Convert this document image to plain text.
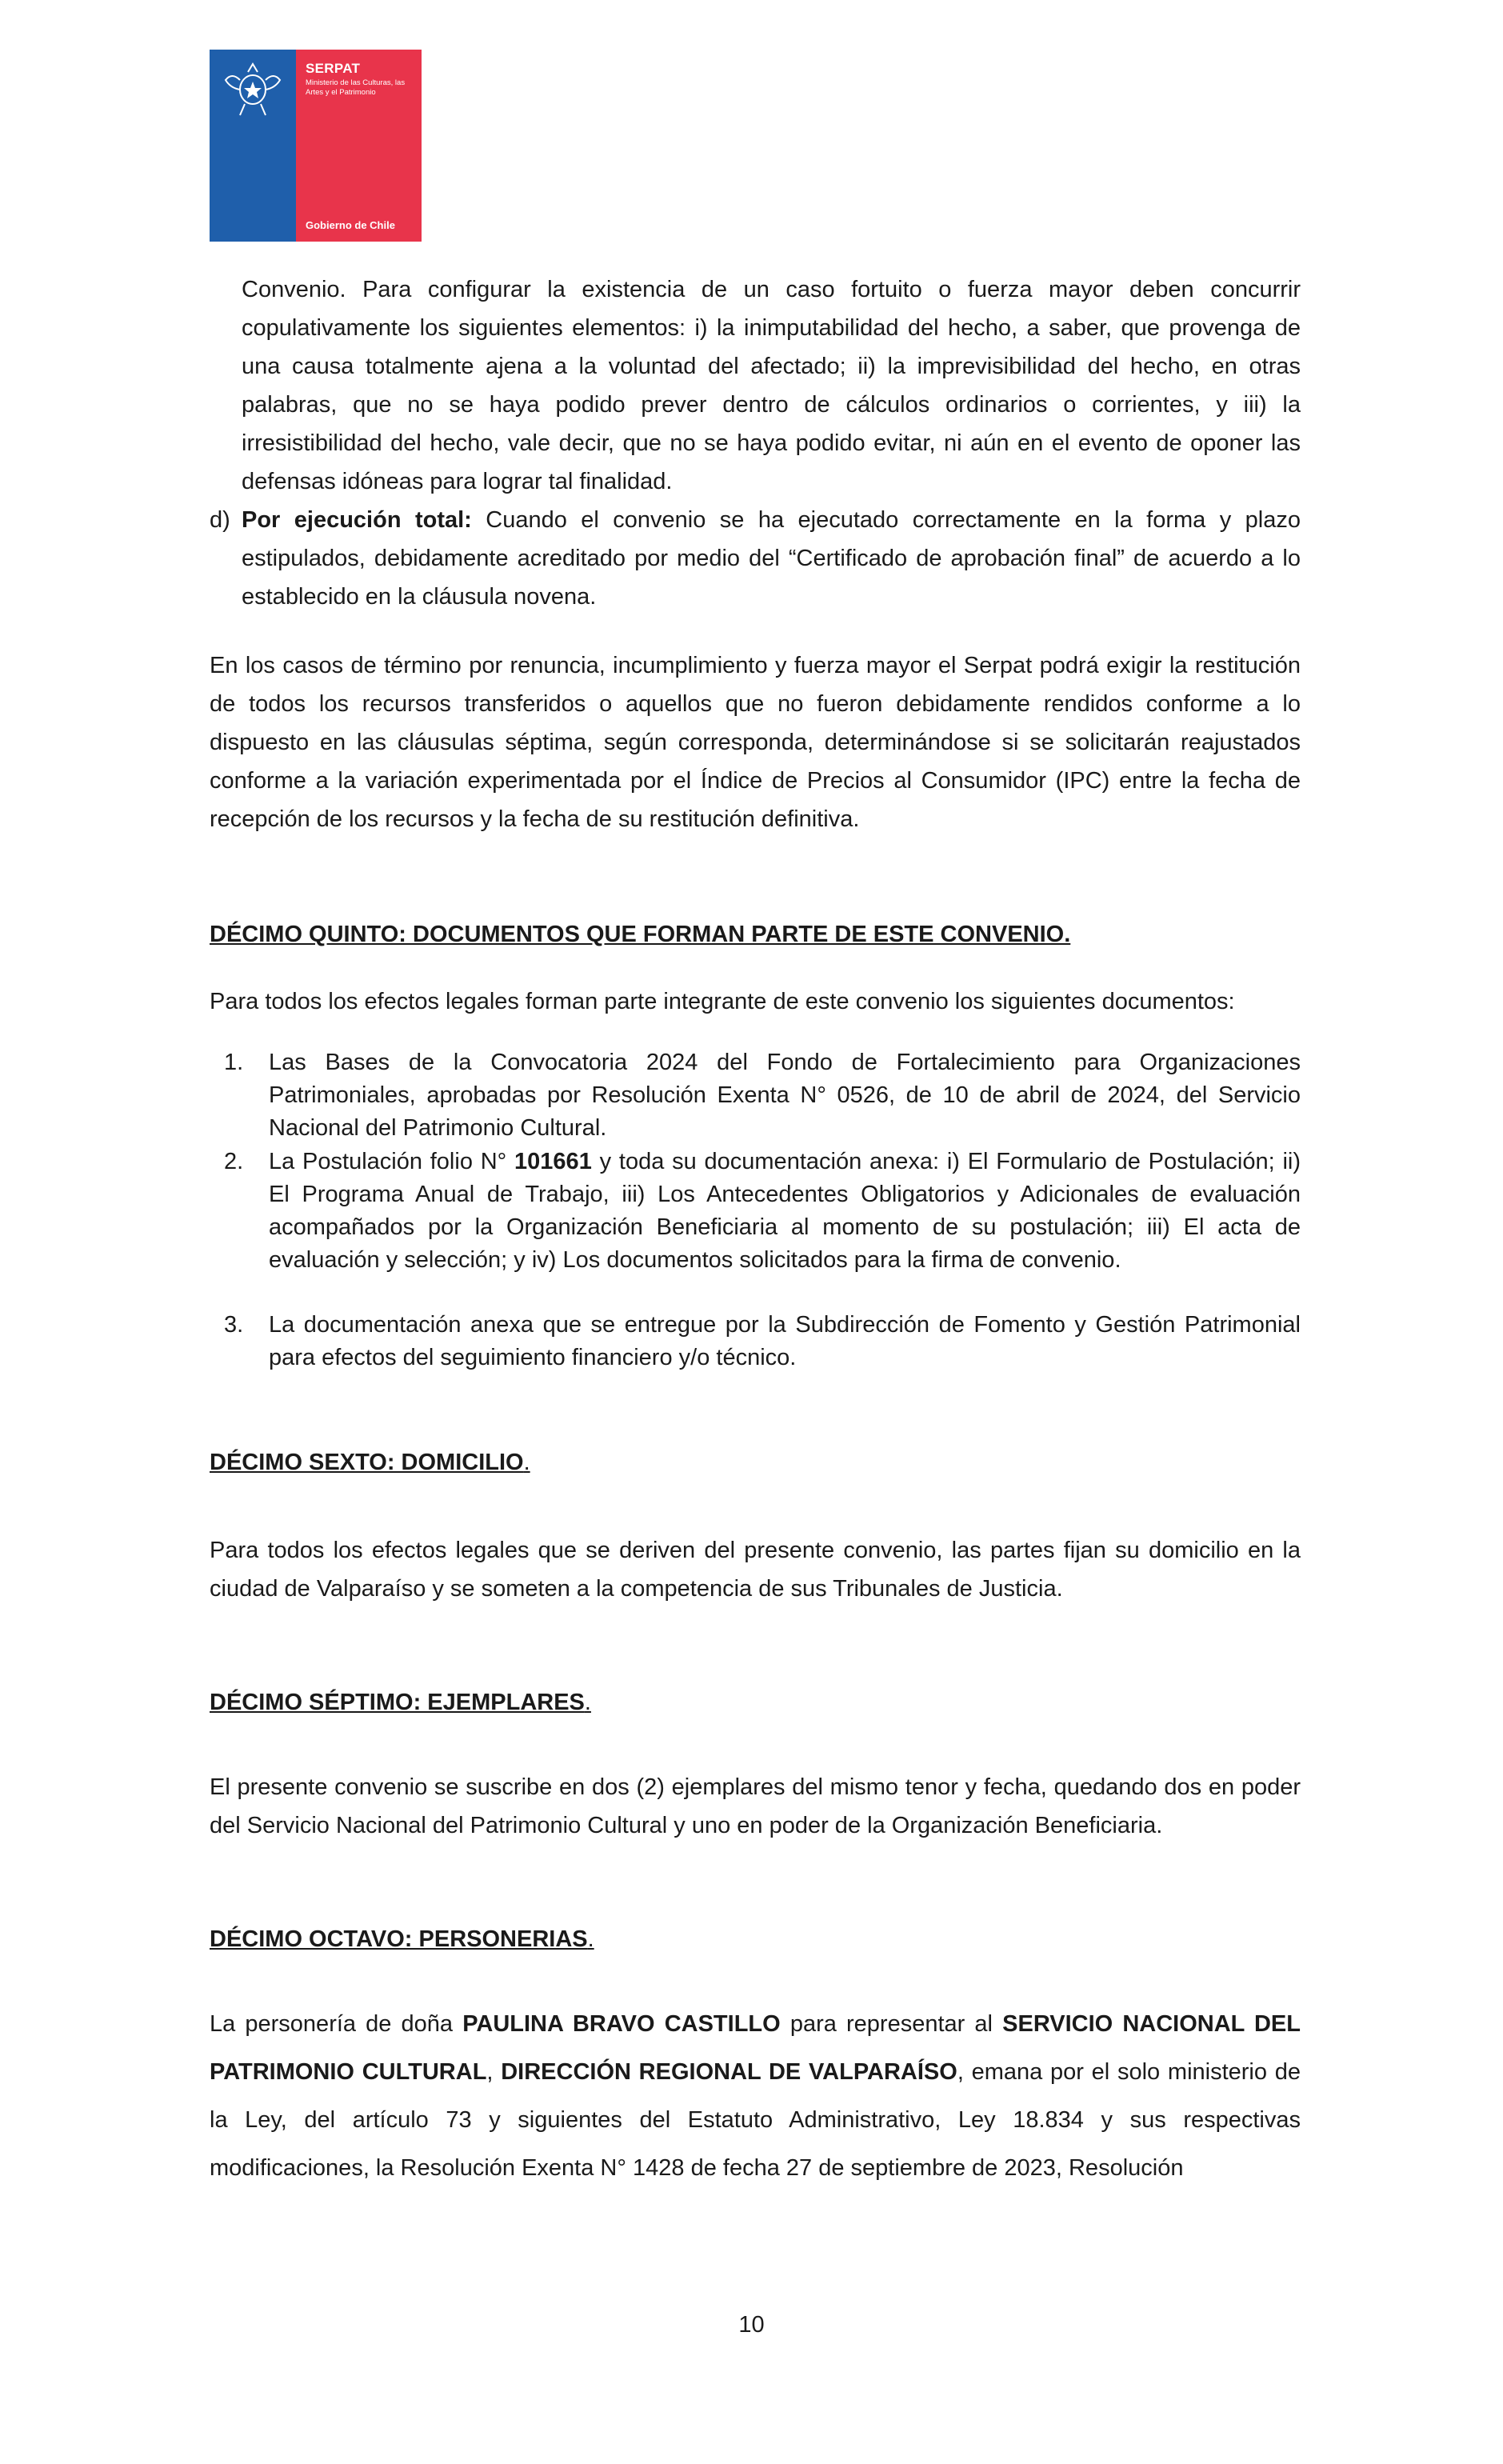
SERPAT
Ministerio de las Culturas, las Artes y el Patrimonio
Gobierno de Chile

Convenio. Para configurar la existencia de un caso fortuito o fuerza mayor deben concurrir copulativamente los siguientes elementos: i) la inimputabilidad del hecho, a saber, que provenga de una causa totalmente ajena a la voluntad del afectado; ii) la imprevisibilidad del hecho, en otras palabras, que no se haya podido prever dentro de cálculos ordinarios o corrientes, y iii) la irresistibilidad del hecho, vale decir, que no se haya podido evitar, ni aún en el evento de oponer las defensas idóneas para lograr tal finalidad.

d) Por ejecución total: Cuando el convenio se ha ejecutado correctamente en la forma y plazo estipulados, debidamente acreditado por medio del “Certificado de aprobación final” de acuerdo a lo establecido en la cláusula novena.

En los casos de término por renuncia, incumplimiento y fuerza mayor el Serpat podrá exigir la restitución de todos los recursos transferidos o aquellos que no fueron debidamente rendidos conforme a lo dispuesto en las cláusulas séptima, según corresponda, determinándose si se solicitarán reajustados conforme a la variación experimentada por el Índice de Precios al Consumidor (IPC) entre la fecha de recepción de los recursos y la fecha de su restitución definitiva.

DÉCIMO QUINTO: DOCUMENTOS QUE FORMAN PARTE DE ESTE CONVENIO.

Para todos los efectos legales forman parte integrante de este convenio los siguientes documentos:

1. Las Bases de la Convocatoria 2024 del Fondo de Fortalecimiento para Organizaciones Patrimoniales, aprobadas por Resolución Exenta N° 0526, de 10 de abril de 2024, del Servicio Nacional del Patrimonio Cultural.
2. La Postulación folio N° 101661 y toda su documentación anexa: i) El Formulario de Postulación; ii) El Programa Anual de Trabajo, iii) Los Antecedentes Obligatorios y Adicionales de evaluación acompañados por la Organización Beneficiaria al momento de su postulación; iii) El acta de evaluación y selección; y iv) Los documentos solicitados para la firma de convenio.
3. La documentación anexa que se entregue por la Subdirección de Fomento y Gestión Patrimonial para efectos del seguimiento financiero y/o técnico.
DÉCIMO SEXTO: DOMICILIO.

Para todos los efectos legales que se deriven del presente convenio, las partes fijan su domicilio en la ciudad de Valparaíso y se someten a la competencia de sus Tribunales de Justicia.

DÉCIMO SÉPTIMO: EJEMPLARES.

El presente convenio se suscribe en dos (2) ejemplares del mismo tenor y fecha, quedando dos en poder del Servicio Nacional del Patrimonio Cultural y uno en poder de la Organización Beneficiaria.

DÉCIMO OCTAVO: PERSONERIAS.

La personería de doña PAULINA BRAVO CASTILLO para representar al SERVICIO NACIONAL DEL PATRIMONIO CULTURAL, DIRECCIÓN REGIONAL DE VALPARAÍSO, emana por el solo ministerio de la Ley, del artículo 73 y siguientes del Estatuto Administrativo, Ley 18.834 y sus respectivas modificaciones, la Resolución Exenta N° 1428 de fecha 27 de septiembre de 2023, Resolución

10
